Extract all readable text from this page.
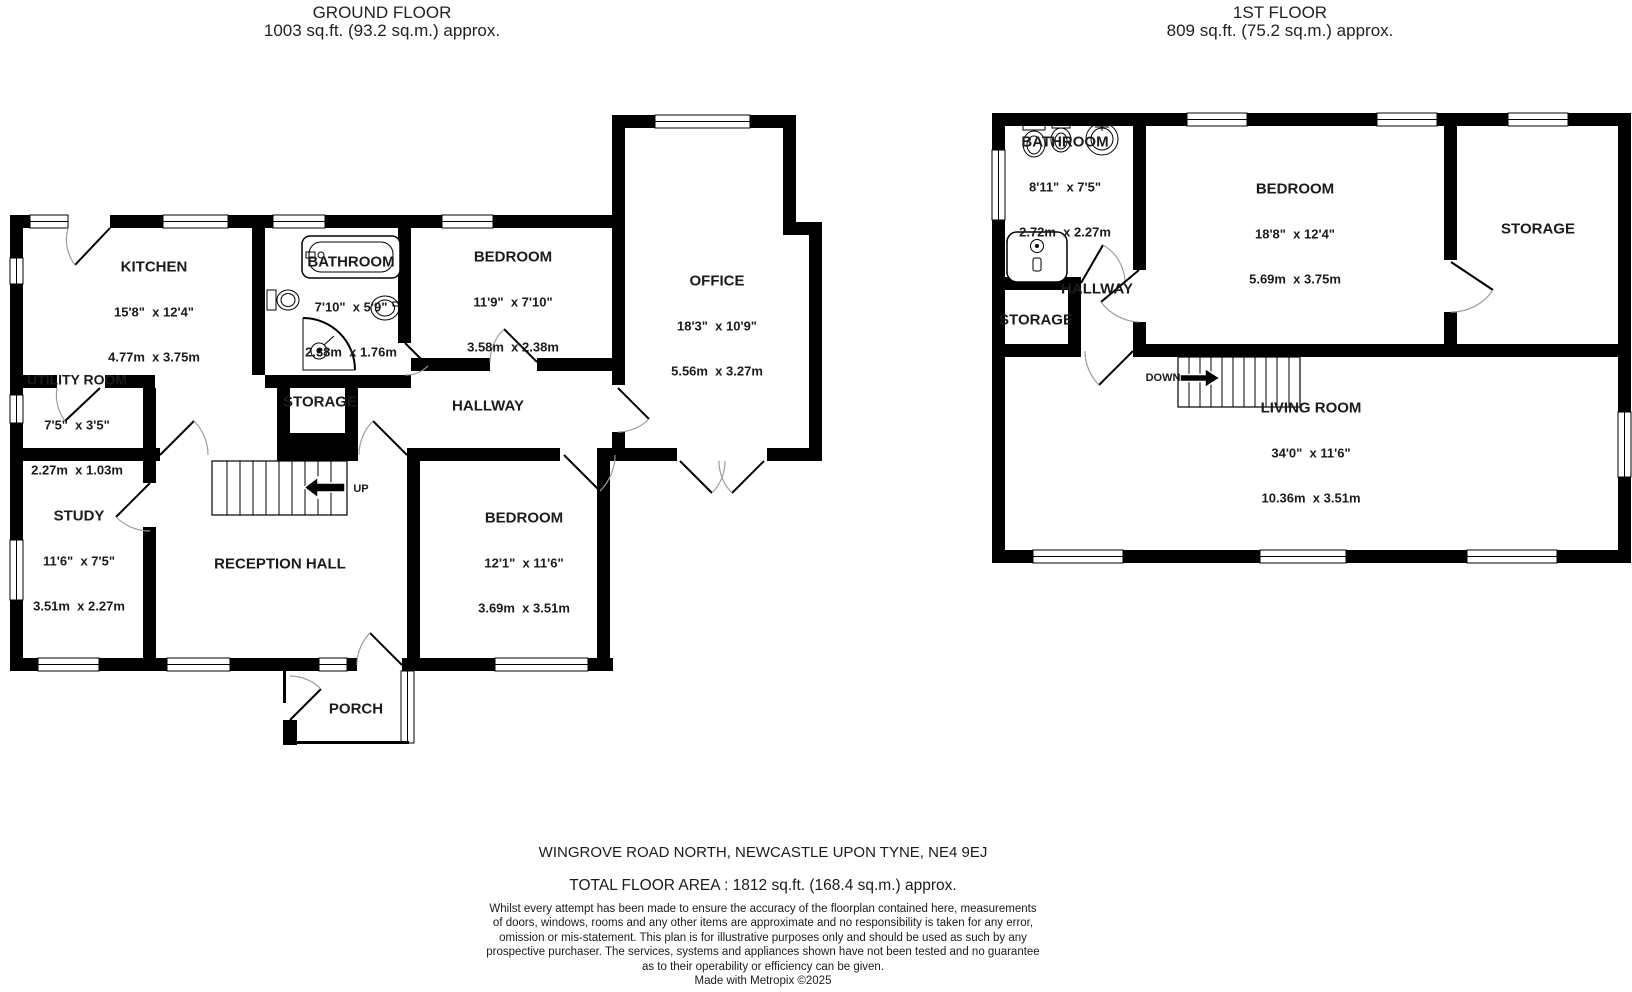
GROUND FLOOR
1003 sq.ft. (93.2 sq.m.) approx.
1ST FLOOR
809 sq.ft. (75.2 sq.m.) approx.

KITCHEN

15'8"  x 12'4"

4.77m  x 3.75m

BATHROOM

7'10"  x 5'9"

2.38m  x 1.76m

BEDROOM

11'9"  x 7'10"

3.58m  x 2.38m

OFFICE

18'3"  x 10'9"

5.56m  x 3.27m

UTILITY ROOM

7'5"  x 3'5"

2.27m  x 1.03m

STORAGE

	HALLWAY

STUDY

11'6"  x 7'5"

3.51m  x 2.27m

RECEPTION HALL

BEDROOM

12'1"  x 11'6"

3.69m  x 3.51m

PORCH

UP

BATHROOM

8'11"  x 7'5"

2.72m  x 2.27m

BEDROOM

18'8"  x 12'4"

5.69m  x 3.75m

STORAGE

STORAGE

HALLWAY

LIVING ROOM

34'0"  x 11'6"

10.36m  x 3.51m

DOWN
WINGROVE ROAD NORTH, NEWCASTLE UPON TYNE, NE4 9EJ
TOTAL FLOOR AREA : 1812 sq.ft. (168.4 sq.m.) approx.
Whilst every attempt has been made to ensure the accuracy of the floorplan contained here, measurements
of doors, windows, rooms and any other items are approximate and no responsibility is taken for any error,
omission or mis-statement. This plan is for illustrative purposes only and should be used as such by any
prospective purchaser. The services, systems and appliances shown have not been tested and no guarantee
as to their operability or efficiency can be given.
Made with Metropix ©2025
